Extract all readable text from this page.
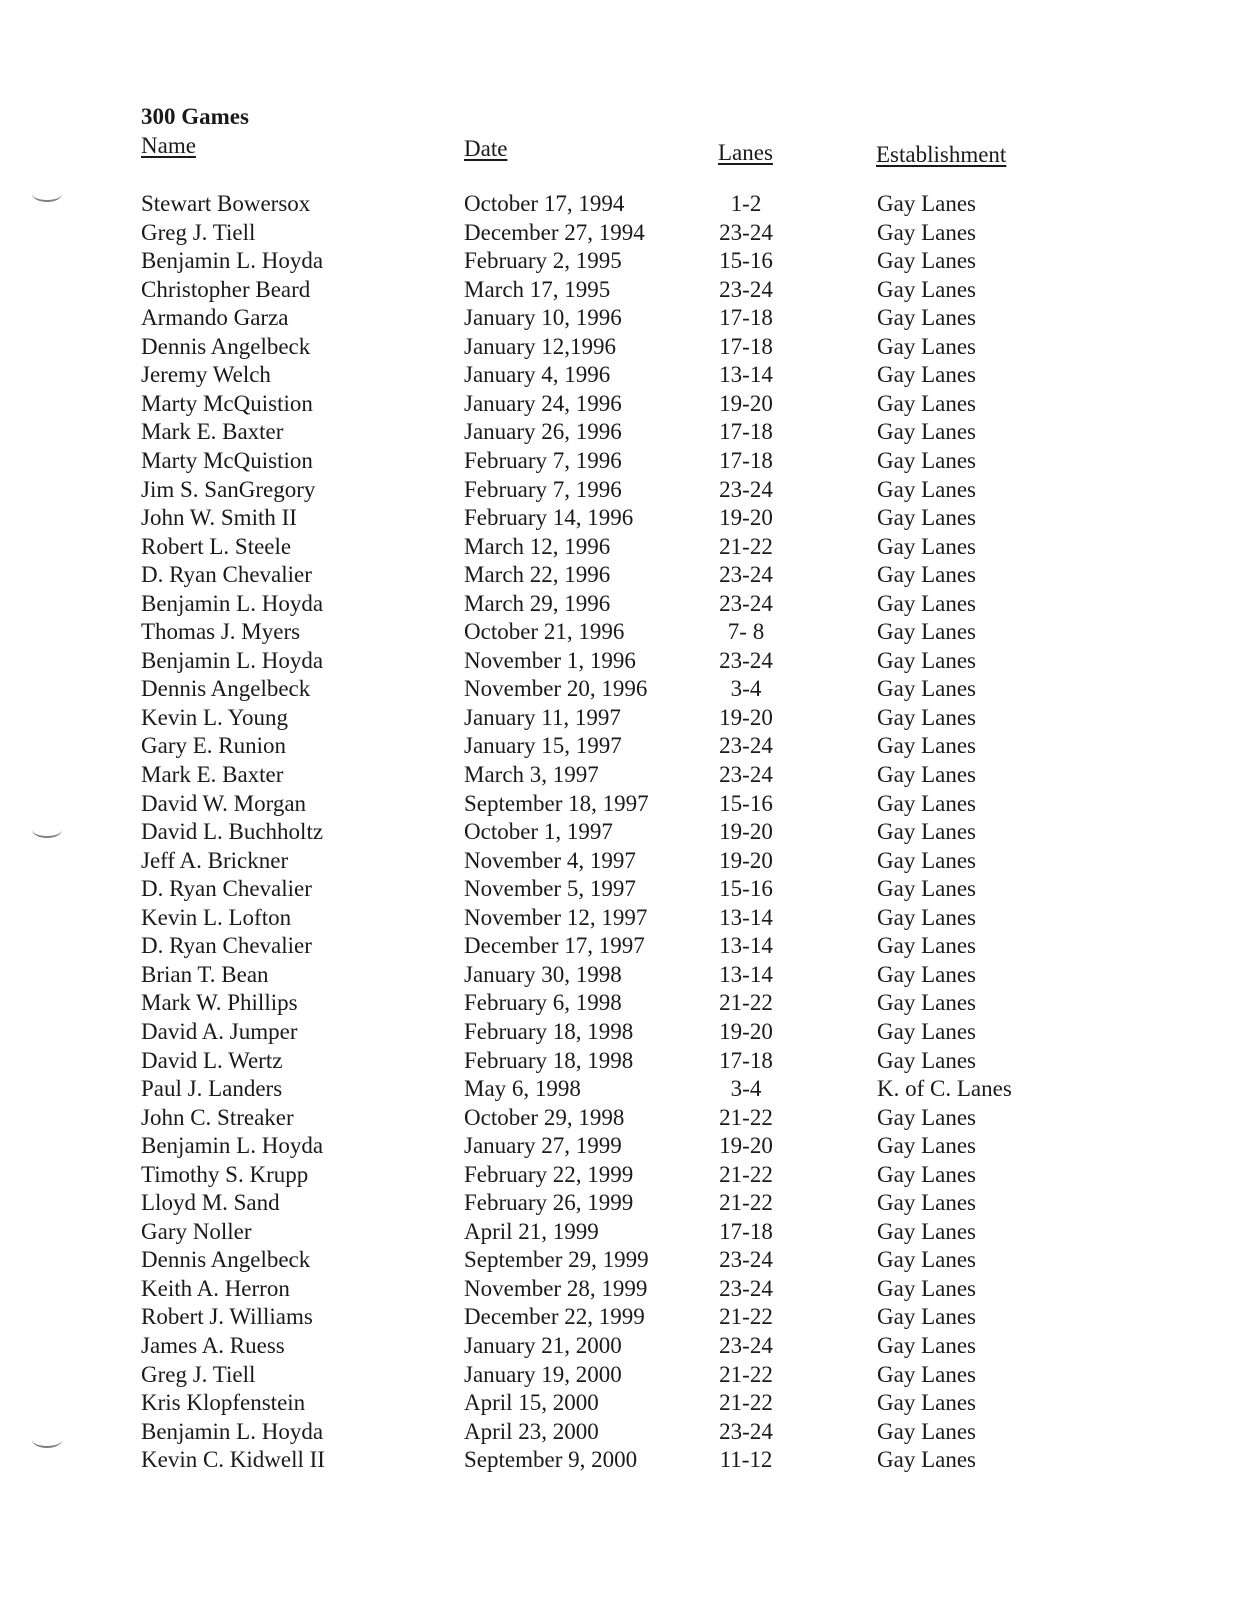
300 Games
Name	Date	Lanes	Establishment
Stewart Bowersox	October 17, 1994	1-2	Gay Lanes
Greg J. Tiell	December 27, 1994	23-24	Gay Lanes
Benjamin L. Hoyda	February 2, 1995	15-16	Gay Lanes
Christopher Beard	March 17, 1995	23-24	Gay Lanes
Armando Garza	January 10, 1996	17-18	Gay Lanes
Dennis Angelbeck	January 12,1996	17-18	Gay Lanes
Jeremy Welch	January 4, 1996	13-14	Gay Lanes
Marty McQuistion	January 24, 1996	19-20	Gay Lanes
Mark E. Baxter	January 26, 1996	17-18	Gay Lanes
Marty McQuistion	February 7, 1996	17-18	Gay Lanes
Jim S. SanGregory	February 7, 1996	23-24	Gay Lanes
John W. Smith II	February 14, 1996	19-20	Gay Lanes
Robert L. Steele	March 12, 1996	21-22	Gay Lanes
D. Ryan Chevalier	March 22, 1996	23-24	Gay Lanes
Benjamin L. Hoyda	March 29, 1996	23-24	Gay Lanes
Thomas J. Myers	October 21, 1996	7- 8	Gay Lanes
Benjamin L. Hoyda	November 1, 1996	23-24	Gay Lanes
Dennis Angelbeck	November 20, 1996	3-4	Gay Lanes
Kevin L. Young	January 11, 1997	19-20	Gay Lanes
Gary E. Runion	January 15, 1997	23-24	Gay Lanes
Mark E. Baxter	March 3, 1997	23-24	Gay Lanes
David W. Morgan	September 18, 1997	15-16	Gay Lanes
David L. Buchholtz	October 1, 1997	19-20	Gay Lanes
Jeff A. Brickner	November 4, 1997	19-20	Gay Lanes
D. Ryan Chevalier	November 5, 1997	15-16	Gay Lanes
Kevin L. Lofton	November 12, 1997	13-14	Gay Lanes
D. Ryan Chevalier	December 17, 1997	13-14	Gay Lanes
Brian T. Bean	January 30, 1998	13-14	Gay Lanes
Mark W. Phillips	February 6, 1998	21-22	Gay Lanes
David A. Jumper	February 18, 1998	19-20	Gay Lanes
David L. Wertz	February 18, 1998	17-18	Gay Lanes
Paul J. Landers	May 6, 1998	3-4	K. of C. Lanes
John C. Streaker	October 29, 1998	21-22	Gay Lanes
Benjamin L. Hoyda	January 27, 1999	19-20	Gay Lanes
Timothy S. Krupp	February 22, 1999	21-22	Gay Lanes
Lloyd M. Sand	February 26, 1999	21-22	Gay Lanes
Gary Noller	April 21, 1999	17-18	Gay Lanes
Dennis Angelbeck	September 29, 1999	23-24	Gay Lanes
Keith A. Herron	November 28, 1999	23-24	Gay Lanes
Robert J. Williams	December 22, 1999	21-22	Gay Lanes
James A. Ruess	January 21, 2000	23-24	Gay Lanes
Greg J. Tiell	January 19, 2000	21-22	Gay Lanes
Kris Klopfenstein	April 15, 2000	21-22	Gay Lanes
Benjamin L. Hoyda	April 23, 2000	23-24	Gay Lanes
Kevin C. Kidwell II	September 9, 2000	11-12	Gay Lanes
